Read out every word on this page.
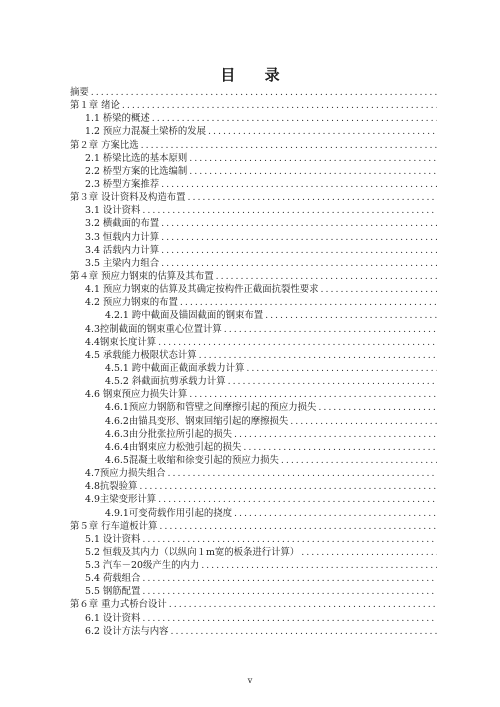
目 录
摘要
.....
第１章 绪论
.....
1.1 桥梁的概述
.....
1.2 预应力混凝土梁桥的发展
.....
第２章 方案比选
.....
2.1 桥梁比选的基本原则
.....
2.2 桥型方案的比选编制
.....
2.3 桥型方案推荐
.....
第３章 设计资料及构造布置
.....
3.1 设计资料
.....
3.2 横截面的布置
.....
3.3 恒载内力计算
.....
3.4 活载内力计算
.....
3.5 主梁内力组合
.....
第４章 预应力钢束的估算及其布置
.....
4.1 预应力钢束的估算及其确定按构件正截面抗裂性要求
.....
4.2 预应力钢束的布置
.....
4.2.1 跨中截面及锚固截面的钢束布置
.....
4.3控制截面的钢束重心位置计算
.....
4.4钢束长度计算
.....
4.5 承载能力极限状态计算
.....
4.5.1 跨中截面正截面承载力计算
.....
4.5.2 斜截面抗剪承载力计算
.....
4.6 钢束预应力损失计算
.....
4.6.1预应力钢筋和管壁之间摩擦引起的预应力损失
.....
4.6.2由锚具变形、钢束回缩引起的摩擦损失
.....
4.6.3由分批张拉所引起的损失
.....
4.6.4由钢束应力松弛引起的损失
.....
4.6.5混凝土收缩和徐变引起的预应力损失
.....
4.7预应力损失组合
.....
4.8抗裂验算
.....
4.9主梁变形计算
.....
4.9.1可变荷载作用引起的挠度
.....
第５章 行车道板计算
.....
5.1 设计资料
.....
5.2 恒载及其内力（以纵向１m宽的板条进行计算）
.....
5.3 汽车－20级产生的内力
.....
5.4 荷载组合
.....
5.5 钢筋配置
.....
第６章 重力式桥台设计
.....
6.1 设计资料
.....
6.2 设计方法与内容
.....
v
